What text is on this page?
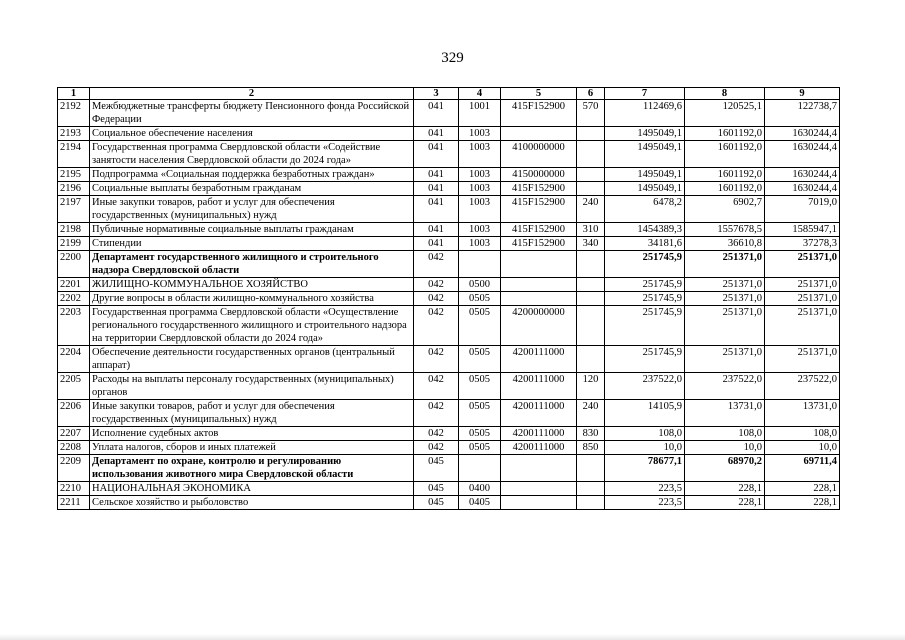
329
1	2	3	4	5	6	7	8	9
2192	Межбюджетные трансферты бюджету Пенсионного фонда Российской Федерации	041	1001	415F152900	570	112469,6	120525,1	122738,7
2193	Социальное обеспечение населения	041	1003			1495049,1	1601192,0	1630244,4
2194	Государственная программа Свердловской области «Содействие занятости населения Свердловской области до 2024 года»	041	1003	4100000000		1495049,1	1601192,0	1630244,4
2195	Подпрограмма «Социальная поддержка безработных граждан»	041	1003	4150000000		1495049,1	1601192,0	1630244,4
2196	Социальные выплаты безработным гражданам	041	1003	415F152900		1495049,1	1601192,0	1630244,4
2197	Иные закупки товаров, работ и услуг для обеспечения государственных (муниципальных) нужд	041	1003	415F152900	240	6478,2	6902,7	7019,0
2198	Публичные нормативные социальные выплаты гражданам	041	1003	415F152900	310	1454389,3	1557678,5	1585947,1
2199	Стипендии	041	1003	415F152900	340	34181,6	36610,8	37278,3
2200	Департамент государственного жилищного и строительного надзора Свердловской области	042				251745,9	251371,0	251371,0
2201	ЖИЛИЩНО-КОММУНАЛЬНОЕ ХОЗЯЙСТВО	042	0500			251745,9	251371,0	251371,0
2202	Другие вопросы в области жилищно-коммунального хозяйства	042	0505			251745,9	251371,0	251371,0
2203	Государственная программа Свердловской области «Осуществление регионального государственного жилищного и строительного надзора на территории Свердловской области до 2024 года»	042	0505	4200000000		251745,9	251371,0	251371,0
2204	Обеспечение деятельности государственных органов (центральный аппарат)	042	0505	4200111000		251745,9	251371,0	251371,0
2205	Расходы на выплаты персоналу государственных (муниципальных) органов	042	0505	4200111000	120	237522,0	237522,0	237522,0
2206	Иные закупки товаров, работ и услуг для обеспечения государственных (муниципальных) нужд	042	0505	4200111000	240	14105,9	13731,0	13731,0
2207	Исполнение судебных актов	042	0505	4200111000	830	108,0	108,0	108,0
2208	Уплата налогов, сборов и иных платежей	042	0505	4200111000	850	10,0	10,0	10,0
2209	Департамент по охране, контролю и регулированию использования животного мира Свердловской области	045				78677,1	68970,2	69711,4
2210	НАЦИОНАЛЬНАЯ ЭКОНОМИКА	045	0400			223,5	228,1	228,1
2211	Сельское хозяйство и рыболовство	045	0405			223,5	228,1	228,1
